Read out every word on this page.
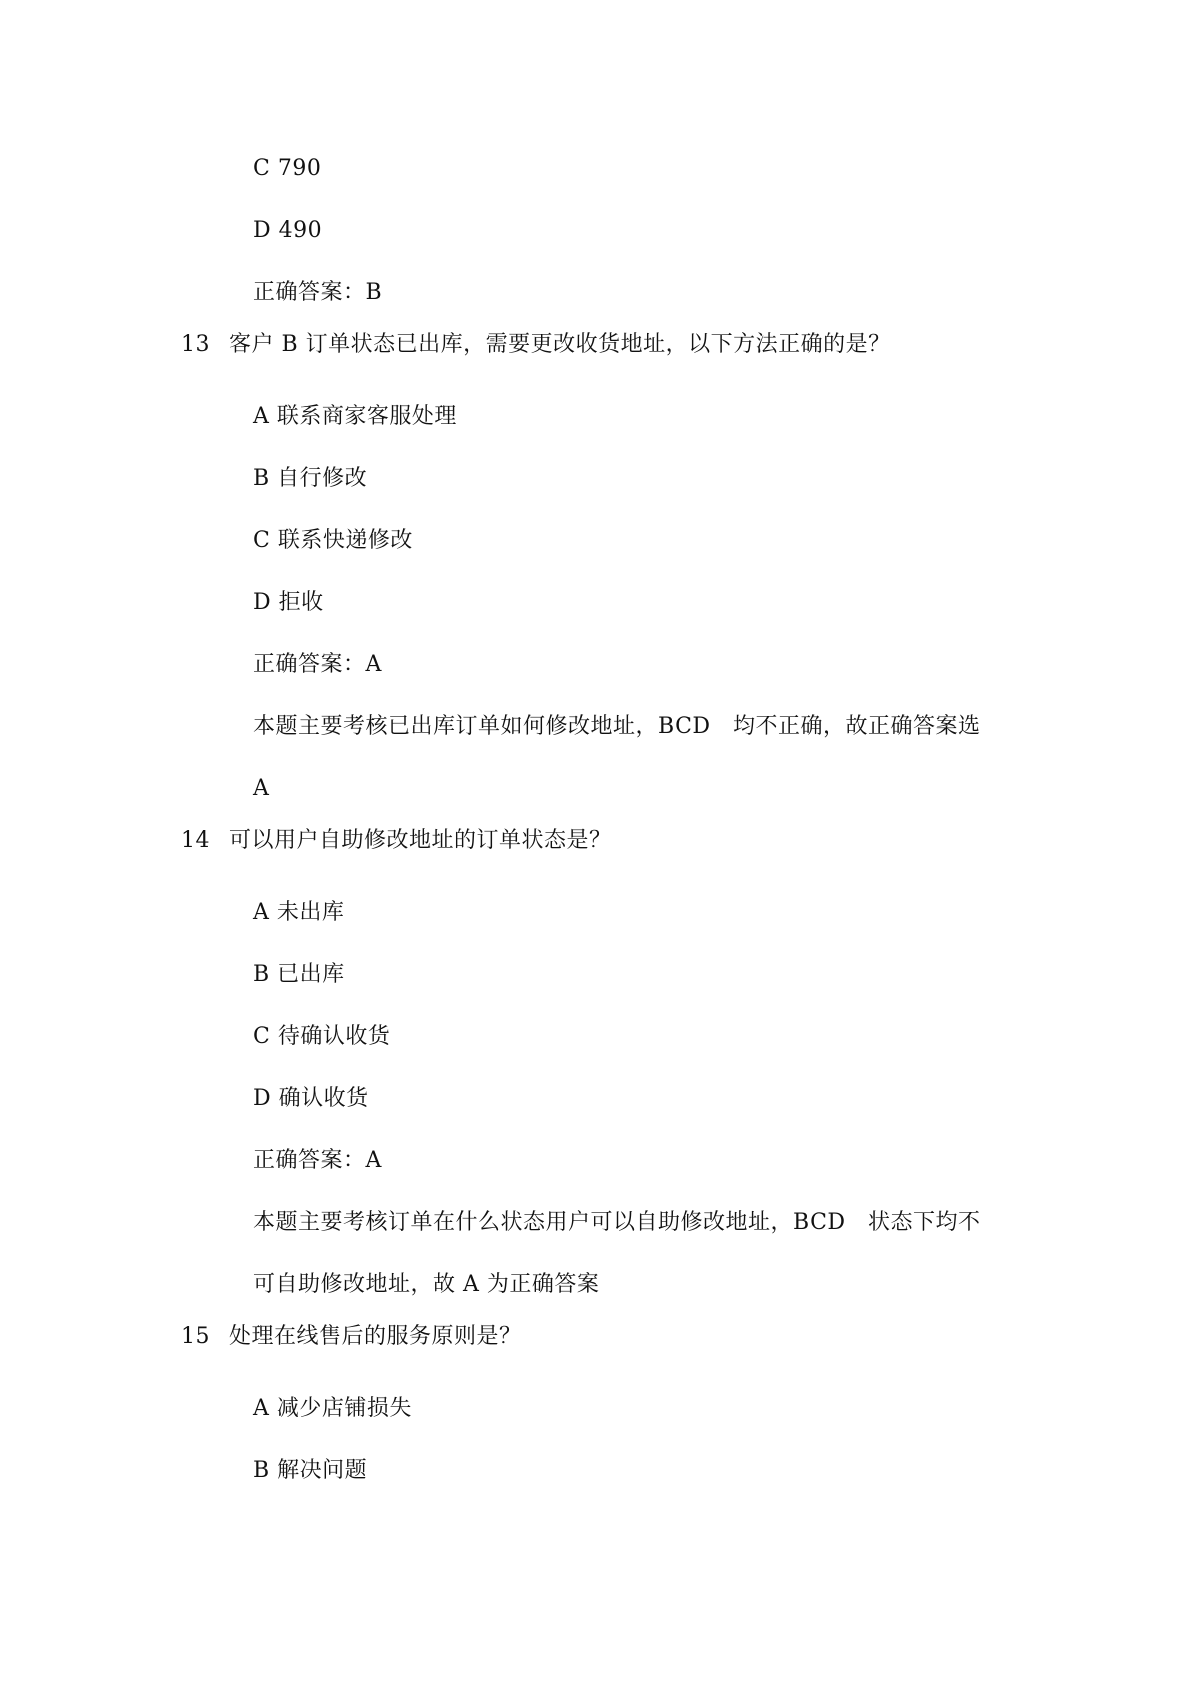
C 790
D 490
正确答案：B
13 客户 B 订单状态已出库，需要更改收货地址，以下方法正确的是？
A 联系商家客服处理
B 自行修改
C 联系快递修改
D 拒收
正确答案：A
本题主要考核已出库订单如何修改地址，BCD　均不正确，故正确答案选
A
14 可以用户自助修改地址的订单状态是？
A 未出库
B 已出库
C 待确认收货
D 确认收货
正确答案：A
本题主要考核订单在什么状态用户可以自助修改地址，BCD　状态下均不
可自助修改地址，故 A 为正确答案
15 处理在线售后的服务原则是？
A 减少店铺损失
B 解决问题
